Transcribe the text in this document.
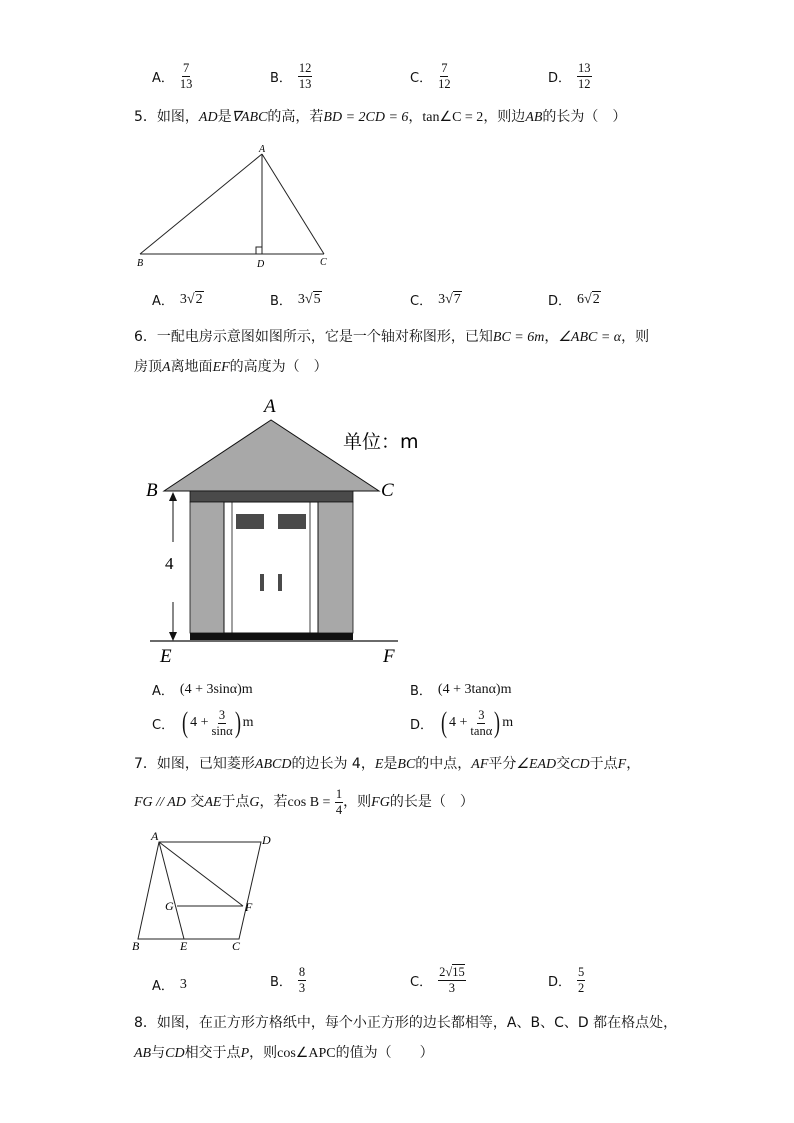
A． $\frac{7}{13}$	B． $\frac{12}{13}$	C． $\frac{7}{12}$	D． $\frac{13}{12}$
5．如图，AD是∇ABC的高，若BD = 2CD = 6，tan∠C = 2，则边AB的长为（　）
A
B	D	C
A． 3√2	B． 3√5	C． 3√7	D． 6√2
6．一配电房示意图如图所示，它是一个轴对称图形，已知BC = 6m，∠ABC = α，则
房顶A离地面EF的高度为（　）
4
A
B	C
E	F
单位：m
A． (4 + 3sinα)m	B． (4 + 3tanα)m
C． ( $4 + \frac{3}{\sin\alpha}$ ) m	D． ( $4 + \frac{3}{\tan\alpha}$ ) m
7．如图，已知菱形ABCD的边长为 4，E是BC的中点，AF平分∠EAD交CD于点F，
FG // AD 交AE于点G，若$\cos B = \frac{1}{4}$ ，则FG的长是（　）
A	D
G	F
B	E	C
A． 3	B． $\frac{8}{3}$	C． $\frac{2√15}{3}$	D． $\frac{5}{2}$
8．如图，在正方形方格纸中，每个小正方形的边长都相等，A、B、C、D 都在格点处，
AB与CD相交于点P，则cos∠APC的值为（　　）
